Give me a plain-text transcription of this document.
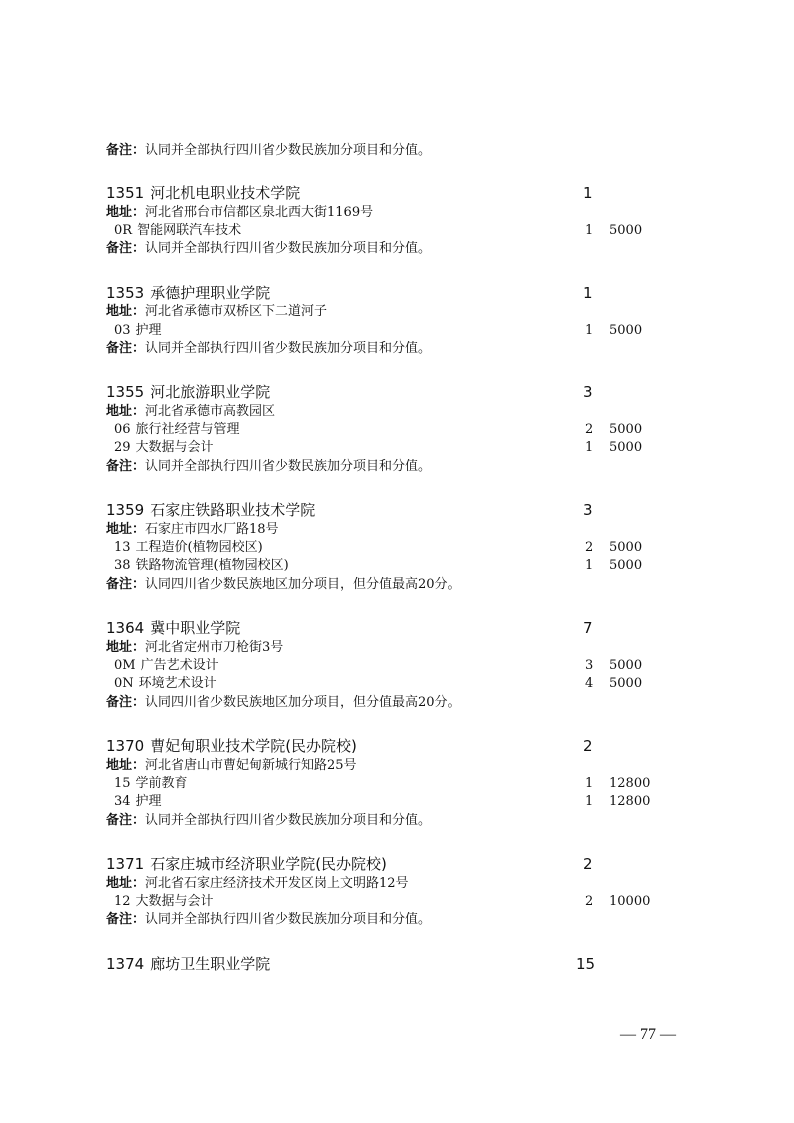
备注：认同并全部执行四川省少数民族加分项目和分值。
1351 河北机电职业技术学院	1
地址：河北省邢台市信都区泉北西大街1169号
0R 智能网联汽车技术	1 5000
备注：认同并全部执行四川省少数民族加分项目和分值。
1353 承德护理职业学院	1
地址：河北省承德市双桥区下二道河子
03 护理	1 5000
备注：认同并全部执行四川省少数民族加分项目和分值。
1355 河北旅游职业学院	3
地址：河北省承德市高教园区
06 旅行社经营与管理	2 5000
29 大数据与会计	1 5000
备注：认同并全部执行四川省少数民族加分项目和分值。
1359 石家庄铁路职业技术学院	3
地址：石家庄市四水厂路18号
13 工程造价(植物园校区)	2 5000
38 铁路物流管理(植物园校区)	1 5000
备注：认同四川省少数民族地区加分项目，但分值最高20分。
1364 冀中职业学院	7
地址：河北省定州市刀枪街3号
0M 广告艺术设计	3 5000
0N 环境艺术设计	4 5000
备注：认同四川省少数民族地区加分项目，但分值最高20分。
1370 曹妃甸职业技术学院(民办院校)	2
地址：河北省唐山市曹妃甸新城行知路25号
15 学前教育	1 12800
34 护理	1 12800
备注：认同并全部执行四川省少数民族加分项目和分值。
1371 石家庄城市经济职业学院(民办院校)	2
地址：河北省石家庄经济技术开发区岗上文明路12号
12 大数据与会计	2 10000
备注：认同并全部执行四川省少数民族加分项目和分值。
1374 廊坊卫生职业学院	15
— 77 —
